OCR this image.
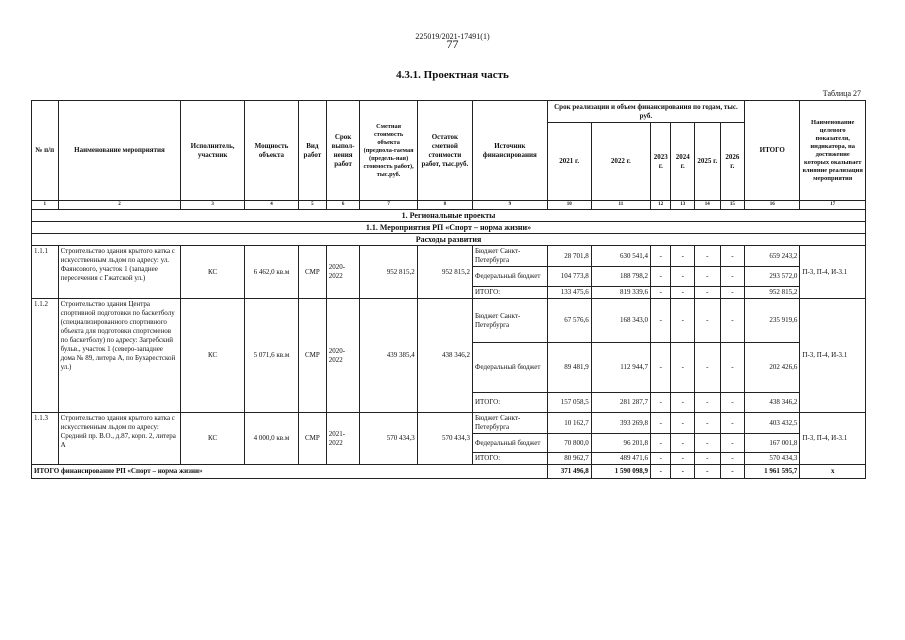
225019/2021-17491(1)
77
4.3.1. Проектная часть
Таблица 27
№ п/п	Наименование мероприятия	Исполнитель, участник	Мощность объекта	Вид работ	Срок выпол-нения работ	Сметная стоимость объекта (предвола-гаемая (предель-ная) стоимость работ), тыс.руб.	Остаток сметной стоимости работ, тыс.руб.	Источник финансирования	Срок реализации и объем финансирования по годам, тыс. руб.						ИТОГО	Наименование целевого показателя, индикатора, на достижение которых оказывает влияние реализация мероприятия
									2021 г.	2022 г.	2023 г.	2024 г.	2025 г.	2026 г.		
1	2	3	4	5	6	7	8	9	10	11	12	13	14	15	16	17
1. Региональные проекты																
1.1. Мероприятия РП «Спорт – норма жизни»																
Расходы развития																
1.1.1	Строительство здания крытого катка с искусственным льдом по адресу: ул. Фаянсового, участок 1 (западнее пересечения с Гжатской ул.)	КС	6 462,0 кв.м	СМР	2020-2022	952 815,2	952 815,2	Бюджет Санкт-Петербурга	28 701,8	630 541,4	-	-	-	-	659 243,2	П-3, П-4, И-3.1
								Федеральный бюджет	104 773,8	188 798,2	-	-	-	-	293 572,0	
								ИТОГО:	133 475,6	819 339,6	-	-	-	-	952 815,2	
1.1.2	Строительство здания Центра спортивной подготовки по баскетболу (специализированного спортивного объекта для подготовки спортсменов по баскетболу) по адресу: Загребский бульв., участок 1 (северо-западнее дома № 89, литера А, по Бухарестской ул.)	КС	5 071,6 кв.м	СМР	2020-2022	439 385,4	438 346,2	Бюджет Санкт-Петербурга	67 576,6	168 343,0	-	-	-	-	235 919,6	П-3, П-4, И-3.1
								Федеральный бюджет	89 481,9	112 944,7	-	-	-	-	202 426,6	
								ИТОГО:	157 058,5	281 287,7	-	-	-	-	438 346,2	
1.1.3	Строительство здания крытого катка с искусственным льдом по адресу: Средний пр. В.О., д.87, корп. 2, литера А	КС	4 000,0 кв.м	СМР	2021-2022	570 434,3	570 434,3	Бюджет Санкт-Петербурга	10 162,7	393 269,8	-	-	-	-	403 432,5	П-3, П-4, И-3.1
								Федеральный бюджет	70 800,0	96 201,8	-	-	-	-	167 001,8	
								ИТОГО:	80 962,7	489 471,6	-	-	-	-	570 434,3	
ИТОГО финансирование РП «Спорт – норма жизни»									371 496,8	1 590 098,9	-	-	-	-	1 961 595,7	x
